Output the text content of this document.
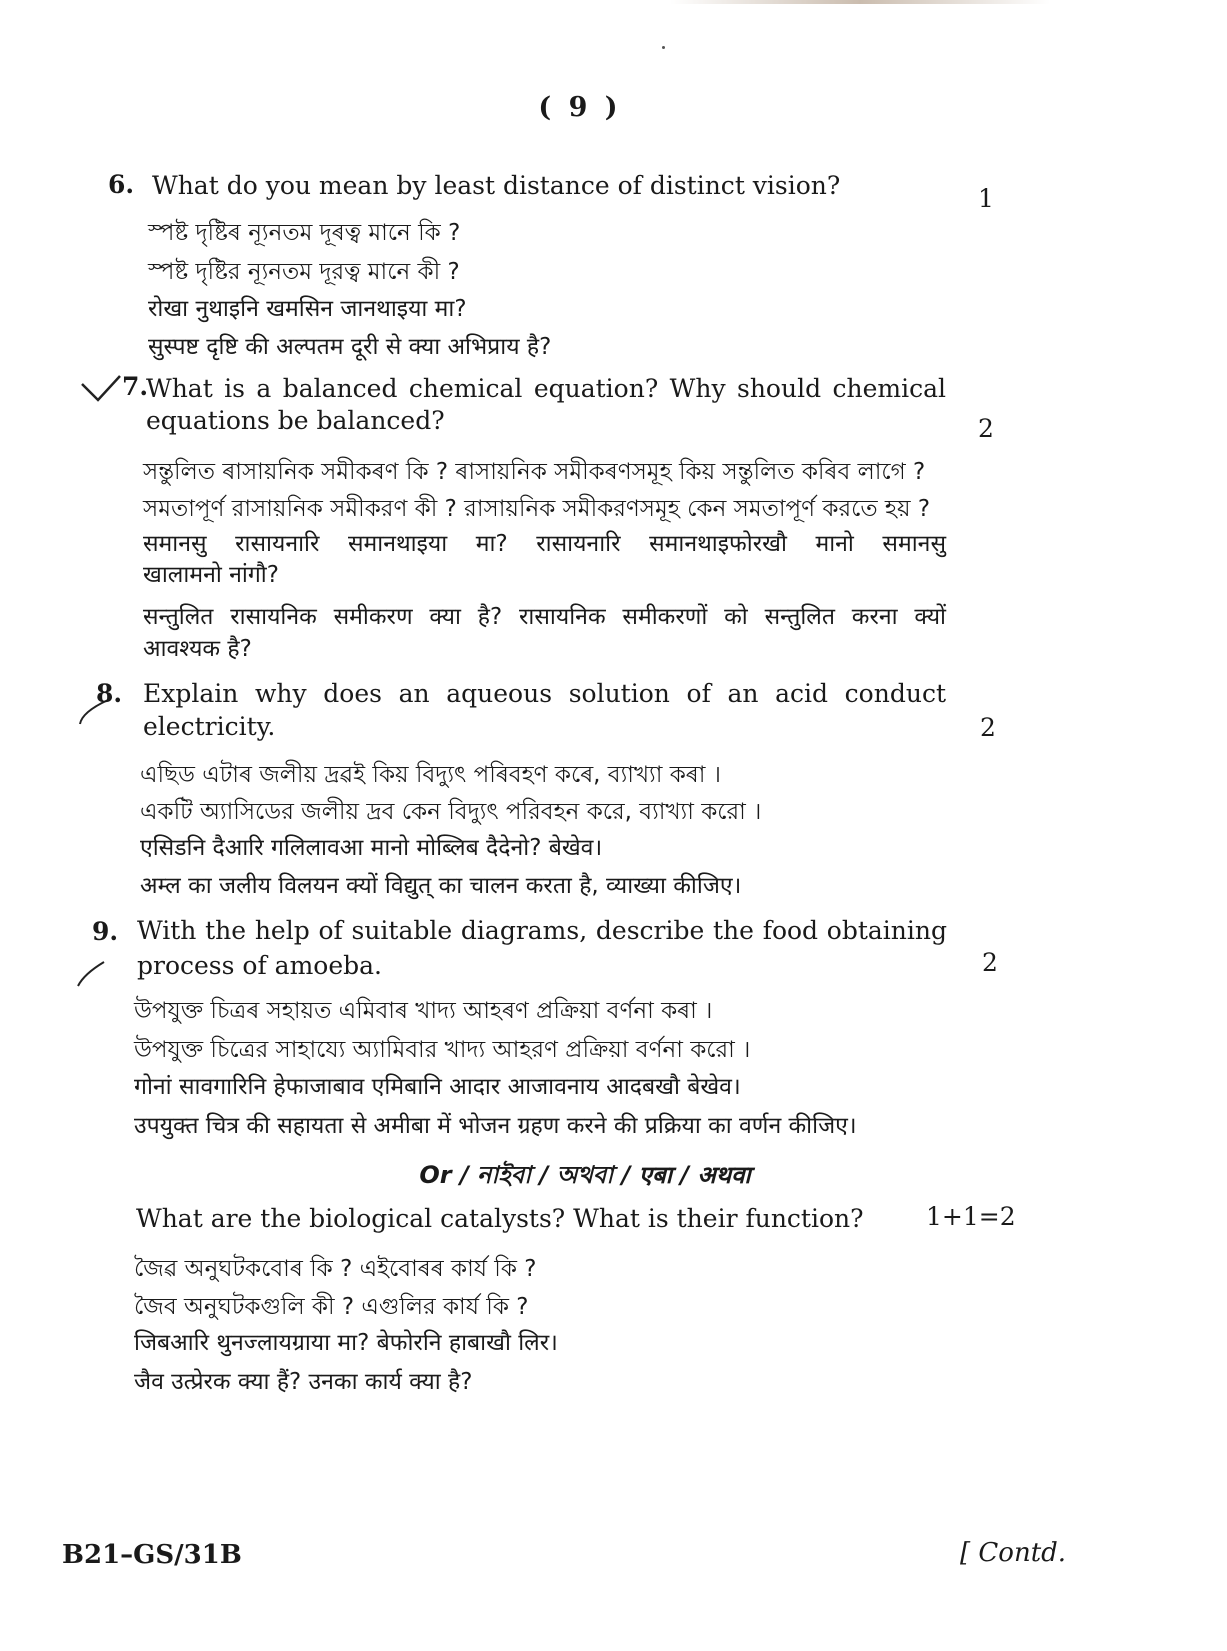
( 9 )
6. What do you mean by least distance of distinct vision?	1
স্পষ্ট দৃষ্টিৰ ন্যূনতম দূৰত্ব মানে কি ?
স্পষ্ট দৃষ্টির ন্যূনতম দূরত্ব মানে কী ?
रोखा नुथाइनि खमसिन जानथाइया मा?
सुस्पष्ट दृष्टि की अल्पतम दूरी से क्या अभिप्राय है?
7.
What is a balanced chemical equation? Why should chemical
equations be balanced?	2
সন্তুলিত ৰাসায়নিক সমীকৰণ কি ? ৰাসায়নিক সমীকৰণসমূহ কিয় সন্তুলিত কৰিব লাগে ?
সমতাপূর্ণ রাসায়নিক সমীকরণ কী ? রাসায়নিক সমীকরণসমূহ কেন সমতাপূর্ণ করতে হয় ?
समानसु रासायनारि समानथाइया मा? रासायनारि समानथाइफोरखौ मानो समानसु
खालामनो नांगौ?
सन्तुलित रासायनिक समीकरण क्या है? रासायनिक समीकरणों को सन्तुलित करना क्यों
आवश्यक है?
8. Explain why does an aqueous solution of an acid conduct
electricity.	2
এছিড এটাৰ জলীয় দ্ৰৱই কিয় বিদ্যুৎ পৰিবহণ কৰে, ব্যাখ্যা কৰা ।
একটি অ্যাসিডের জলীয় দ্রব কেন বিদ্যুৎ পরিবহন করে, ব্যাখ্যা করো ।
एसिडनि दैआरि गलिलावआ मानो मोब्लिब दैदेनो? बेखेव।
अम्ल का जलीय विलयन क्यों विद्युत् का चालन करता है, व्याख्या कीजिए।
9. With the help of suitable diagrams, describe the food obtaining
process of amoeba.	2
উপযুক্ত চিত্ৰৰ সহায়ত এমিবাৰ খাদ্য আহৰণ প্ৰক্ৰিয়া বৰ্ণনা কৰা ।
উপযুক্ত চিত্রের সাহায্যে অ্যামিবার খাদ্য আহরণ প্রক্রিয়া বর্ণনা করো ।
गोनां सावगारिनि हेफाजाबाव एमिबानि आदार आजावनाय आदबखौ बेखेव।
उपयुक्त चित्र की सहायता से अमीबा में भोजन ग्रहण करने की प्रक्रिया का वर्णन कीजिए।
Or / নাইবা / অথবা / एबा / अथवा
What are the biological catalysts? What is their function?	1+1=2
জৈৱ অনুঘটকবোৰ কি ? এইবোৰৰ কাৰ্য কি ?
জৈব অনুঘটকগুলি কী ? এগুলির কার্য কি ?
जिबआरि थुनज्लायग्राया मा? बेफोरनि हाबाखौ लिर।
जैव उत्प्रेरक क्या हैं? उनका कार्य क्या है?
B21–GS/31B	[ Contd.
